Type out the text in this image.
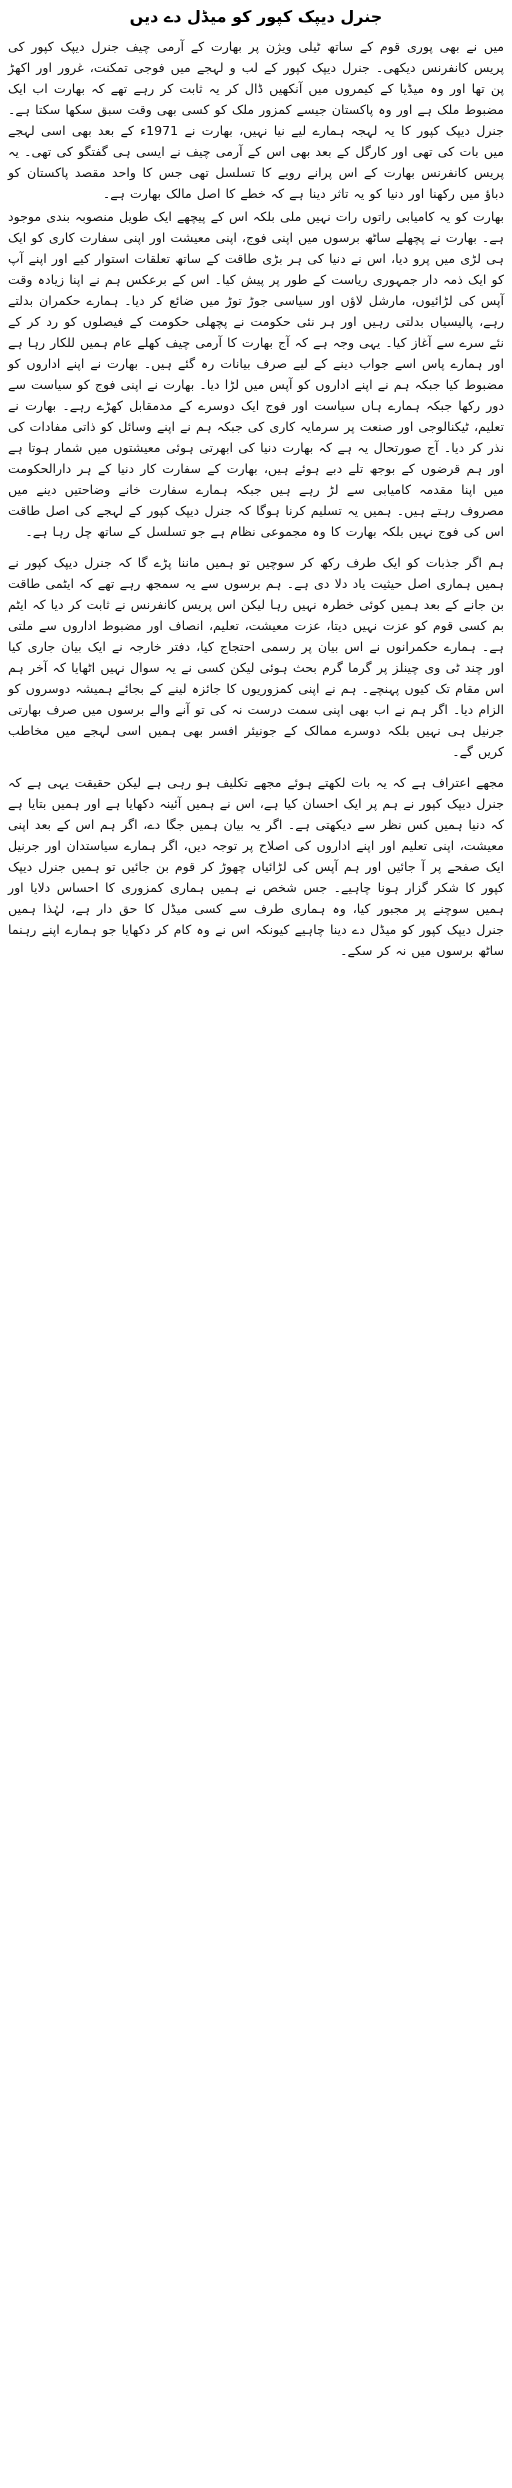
جنرل دیپک کپور کو میڈل دے دیں

میں نے بھی پوری قوم کے ساتھ ٹیلی ویژن پر بھارت کے آرمی چیف جنرل دیپک کپور کی پریس کانفرنس دیکھی۔ جنرل دیپک کپور کے لب و لہجے میں فوجی تمکنت، غرور اور اکھڑ پن تھا اور وہ میڈیا کے کیمروں میں آنکھیں ڈال کر یہ ثابت کر رہے تھے کہ بھارت اب ایک مضبوط ملک ہے اور وہ پاکستان جیسے کمزور ملک کو کسی بھی وقت سبق سکھا سکتا ہے۔ جنرل دیپک کپور کا یہ لہجہ ہمارے لیے نیا نہیں، بھارت نے 1971ء کے بعد بھی اسی لہجے میں بات کی تھی اور کارگل کے بعد بھی اس کے آرمی چیف نے ایسی ہی گفتگو کی تھی۔ یہ پریس کانفرنس بھارت کے اس پرانے رویے کا تسلسل تھی جس کا واحد مقصد پاکستان کو دباؤ میں رکھنا اور دنیا کو یہ تاثر دینا ہے کہ خطے کا اصل مالک بھارت ہے۔

بھارت کو یہ کامیابی راتوں رات نہیں ملی بلکہ اس کے پیچھے ایک طویل منصوبہ بندی موجود ہے۔ بھارت نے پچھلے ساٹھ برسوں میں اپنی فوج، اپنی معیشت اور اپنی سفارت کاری کو ایک ہی لڑی میں پرو دیا، اس نے دنیا کی ہر بڑی طاقت کے ساتھ تعلقات استوار کیے اور اپنے آپ کو ایک ذمہ دار جمہوری ریاست کے طور پر پیش کیا۔ اس کے برعکس ہم نے اپنا زیادہ وقت آپس کی لڑائیوں، مارشل لاؤں اور سیاسی جوڑ توڑ میں ضائع کر دیا۔ ہمارے حکمران بدلتے رہے، پالیسیاں بدلتی رہیں اور ہر نئی حکومت نے پچھلی حکومت کے فیصلوں کو رد کر کے نئے سرے سے آغاز کیا۔ یہی وجہ ہے کہ آج بھارت کا آرمی چیف کھلے عام ہمیں للکار رہا ہے اور ہمارے پاس اسے جواب دینے کے لیے صرف بیانات رہ گئے ہیں۔ بھارت نے اپنے اداروں کو مضبوط کیا جبکہ ہم نے اپنے اداروں کو آپس میں لڑا دیا۔ بھارت نے اپنی فوج کو سیاست سے دور رکھا جبکہ ہمارے ہاں سیاست اور فوج ایک دوسرے کے مدمقابل کھڑے رہے۔ بھارت نے تعلیم، ٹیکنالوجی اور صنعت پر سرمایہ کاری کی جبکہ ہم نے اپنے وسائل کو ذاتی مفادات کی نذر کر دیا۔ آج صورتحال یہ ہے کہ بھارت دنیا کی ابھرتی ہوئی معیشتوں میں شمار ہوتا ہے اور ہم قرضوں کے بوجھ تلے دبے ہوئے ہیں، بھارت کے سفارت کار دنیا کے ہر دارالحکومت میں اپنا مقدمہ کامیابی سے لڑ رہے ہیں جبکہ ہمارے سفارت خانے وضاحتیں دینے میں مصروف رہتے ہیں۔ ہمیں یہ تسلیم کرنا ہوگا کہ جنرل دیپک کپور کے لہجے کی اصل طاقت اس کی فوج نہیں بلکہ بھارت کا وہ مجموعی نظام ہے جو تسلسل کے ساتھ چل رہا ہے۔

ہم اگر جذبات کو ایک طرف رکھ کر سوچیں تو ہمیں ماننا پڑے گا کہ جنرل دیپک کپور نے ہمیں ہماری اصل حیثیت یاد دلا دی ہے۔ ہم برسوں سے یہ سمجھ رہے تھے کہ ایٹمی طاقت بن جانے کے بعد ہمیں کوئی خطرہ نہیں رہا لیکن اس پریس کانفرنس نے ثابت کر دیا کہ ایٹم بم کسی قوم کو عزت نہیں دیتا، عزت معیشت، تعلیم، انصاف اور مضبوط اداروں سے ملتی ہے۔ ہمارے حکمرانوں نے اس بیان پر رسمی احتجاج کیا، دفتر خارجہ نے ایک بیان جاری کیا اور چند ٹی وی چینلز پر گرما گرم بحث ہوئی لیکن کسی نے یہ سوال نہیں اٹھایا کہ آخر ہم اس مقام تک کیوں پہنچے۔ ہم نے اپنی کمزوریوں کا جائزہ لینے کے بجائے ہمیشہ دوسروں کو الزام دیا۔ اگر ہم نے اب بھی اپنی سمت درست نہ کی تو آنے والے برسوں میں صرف بھارتی جرنیل ہی نہیں بلکہ دوسرے ممالک کے جونیئر افسر بھی ہمیں اسی لہجے میں مخاطب کریں گے۔

مجھے اعتراف ہے کہ یہ بات لکھتے ہوئے مجھے تکلیف ہو رہی ہے لیکن حقیقت یہی ہے کہ جنرل دیپک کپور نے ہم پر ایک احسان کیا ہے، اس نے ہمیں آئینہ دکھایا ہے اور ہمیں بتایا ہے کہ دنیا ہمیں کس نظر سے دیکھتی ہے۔ اگر یہ بیان ہمیں جگا دے، اگر ہم اس کے بعد اپنی معیشت، اپنی تعلیم اور اپنے اداروں کی اصلاح پر توجہ دیں، اگر ہمارے سیاستدان اور جرنیل ایک صفحے پر آ جائیں اور ہم آپس کی لڑائیاں چھوڑ کر قوم بن جائیں تو ہمیں جنرل دیپک کپور کا شکر گزار ہونا چاہیے۔ جس شخص نے ہمیں ہماری کمزوری کا احساس دلایا اور ہمیں سوچنے پر مجبور کیا، وہ ہماری طرف سے کسی میڈل کا حق دار ہے، لہٰذا ہمیں جنرل دیپک کپور کو میڈل دے دینا چاہیے کیونکہ اس نے وہ کام کر دکھایا جو ہمارے اپنے رہنما ساٹھ برسوں میں نہ کر سکے۔
